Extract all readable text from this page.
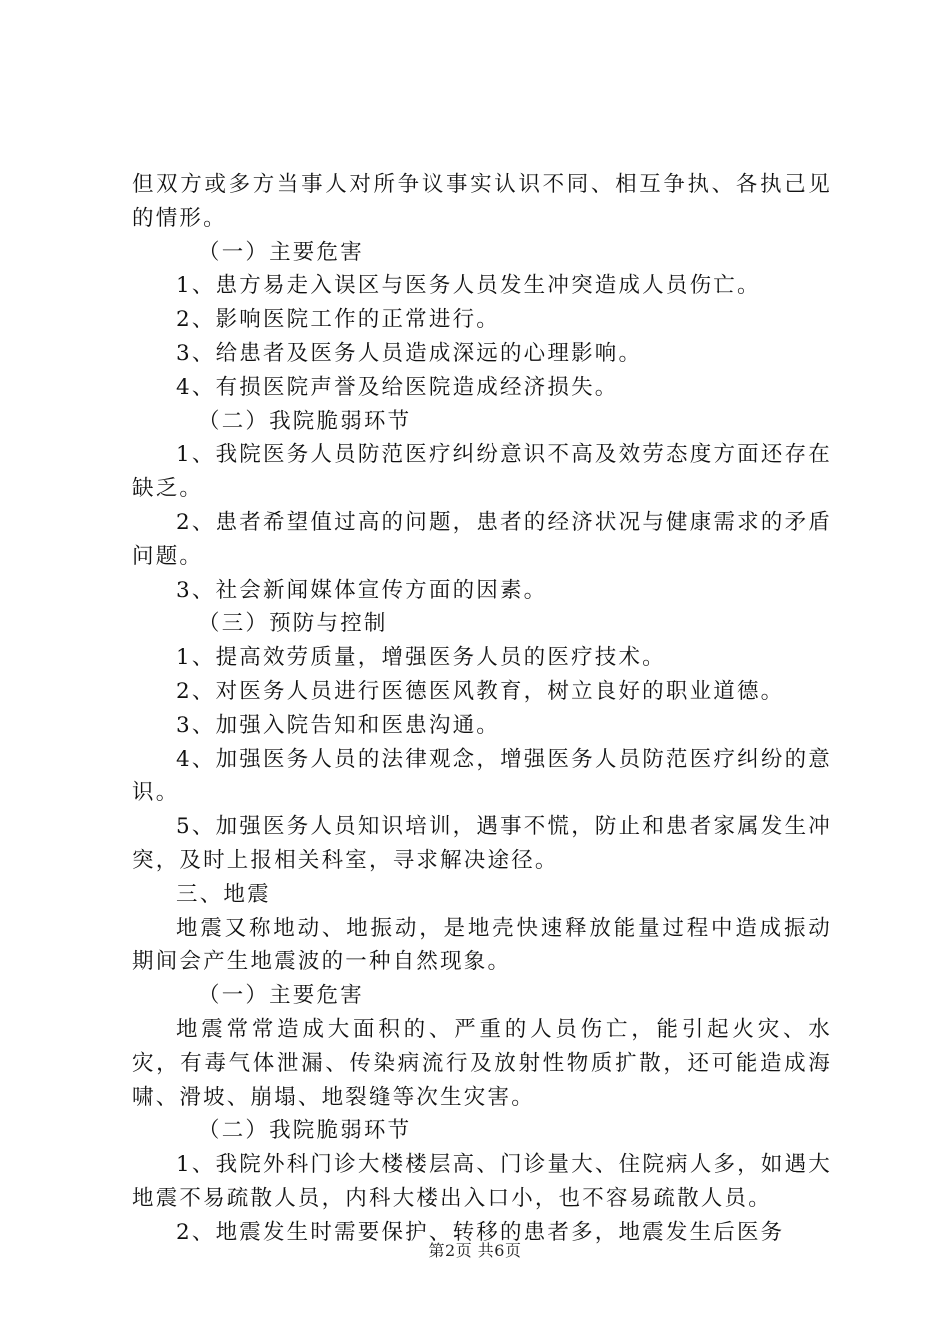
但双方或多方当事人对所争议事实认识不同、相互争执、各执己见的情形。

（一）主要危害

1、患方易走入误区与医务人员发生冲突造成人员伤亡。

2、影响医院工作的正常进行。

3、给患者及医务人员造成深远的心理影响。

4、有损医院声誉及给医院造成经济损失。

（二）我院脆弱环节

1、我院医务人员防范医疗纠纷意识不高及效劳态度方面还存在缺乏。

2、患者希望值过高的问题，患者的经济状况与健康需求的矛盾问题。

3、社会新闻媒体宣传方面的因素。

（三）预防与控制

1、提高效劳质量，增强医务人员的医疗技术。

2、对医务人员进行医德医风教育，树立良好的职业道德。

3、加强入院告知和医患沟通。

4、加强医务人员的法律观念，增强医务人员防范医疗纠纷的意识。

5、加强医务人员知识培训，遇事不慌，防止和患者家属发生冲突，及时上报相关科室，寻求解决途径。

三、地震

地震又称地动、地振动，是地壳快速释放能量过程中造成振动期间会产生地震波的一种自然现象。

（一）主要危害

地震常常造成大面积的、严重的人员伤亡，能引起火灾、水灾，有毒气体泄漏、传染病流行及放射性物质扩散，还可能造成海啸、滑坡、崩塌、地裂缝等次生灾害。

（二）我院脆弱环节

1、我院外科门诊大楼楼层高、门诊量大、住院病人多，如遇大地震不易疏散人员，内科大楼出入口小，也不容易疏散人员。

2、地震发生时需要保护、转移的患者多，地震发生后医务

第2页 共6页
